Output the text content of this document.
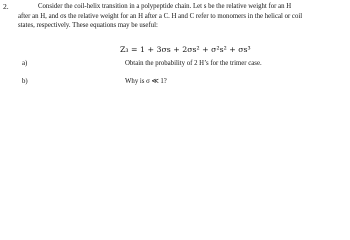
2.	Consider the coil-helix transition in a polypeptide chain. Let s be the relative weight for an H
after an H, and σs the relative weight for an H after a C. H and C refer to monomers in the helical or coil
states, respectively. These equations may be useful:
Z₃ = 1 + 3σs + 2σs² + σ²s² + σs³
a)	Obtain the probability of 2 H’s for the trimer case.
b)	Why is σ ≪ 1?
